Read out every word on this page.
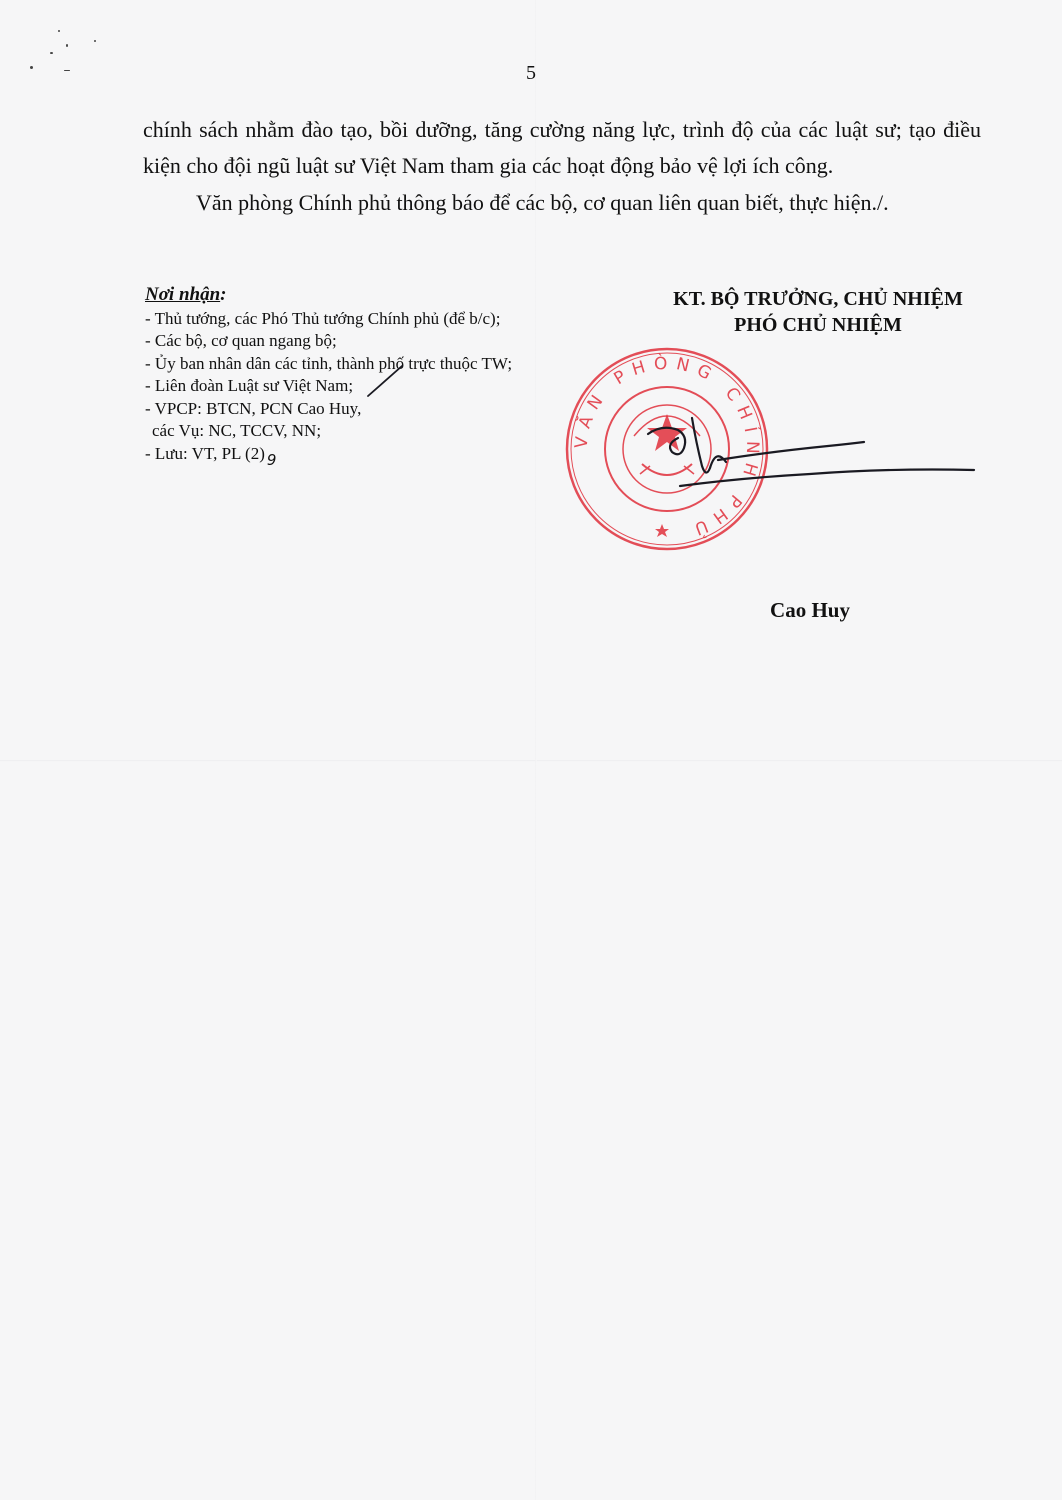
5

chính sách nhằm đào tạo, bồi dưỡng, tăng cường năng lực, trình độ của các luật sư; tạo điều kiện cho đội ngũ luật sư Việt Nam tham gia các hoạt động bảo vệ lợi ích công.

Văn phòng Chính phủ thông báo để các bộ, cơ quan liên quan biết, thực hiện./.

Nơi nhận:
- Thủ tướng, các Phó Thủ tướng Chính phủ (để b/c);
- Các bộ, cơ quan ngang bộ;
- Ủy ban nhân dân các tỉnh, thành phố trực thuộc TW;
- Liên đoàn Luật sư Việt Nam;
- VPCP: BTCN, PCN Cao Huy,
các Vụ: NC, TCCV, NN;
- Lưu: VT, PL (2) 9
KT. BỘ TRƯỞNG, CHỦ NHIỆM
PHÓ CHỦ NHIỆM
VĂN PHÒNG CHÍNH PHỦ
Cao Huy
